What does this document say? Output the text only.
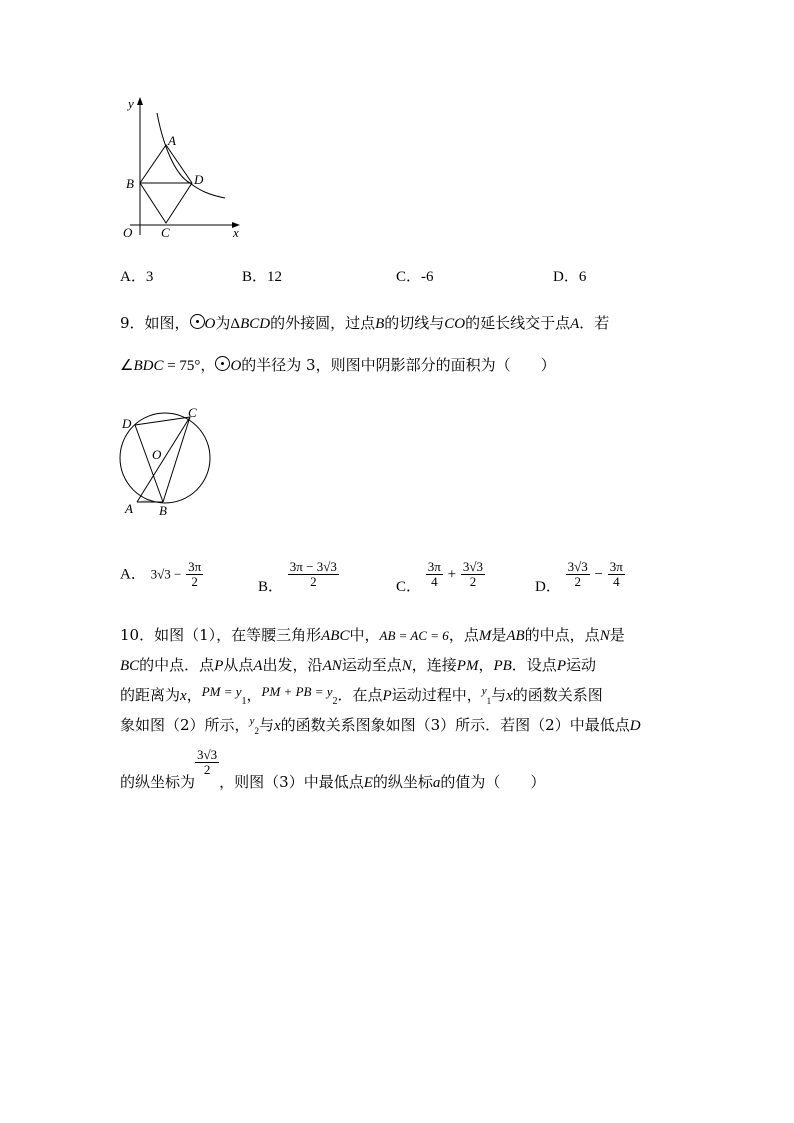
y
x
O
A
B
C
D
A．3	B．12	C．-6	D．6
9．如图， O为ΔBCD的外接圆，过点B的切线与CO的延长线交于点A．若
∠BDC = 75°， O的半径为 3，则图中阴影部分的面积为（　　）
D
C
O
A B
A． $3√3 - \frac{3\pi}{2}$	B． $\frac{3\pi - 3√3}{2}$	C． $\frac{3\pi}{4} + \frac{3√3}{2}$	D． $\frac{3√3}{2} - \frac{3\pi}{4}$
10．如图（1），在等腰三角形ABC中，AB = AC = 6，点M是AB的中点，点N是
BC的中点．点P从点A出发，沿AN运动至点N，连接PM，PB．设点P运动
的距离为x，PM = $y_1$，PM + PB = $y_2$．在点P运动过程中，$^y_1$与x的函数关系图
象如图（2）所示，$^y_2$与x的函数关系图象如图（3）所示．若图（2）中最低点D
的纵坐标为
$\frac{3√3}{2}$
，则图（3）中最低点E的纵坐标a的值为（　　）
